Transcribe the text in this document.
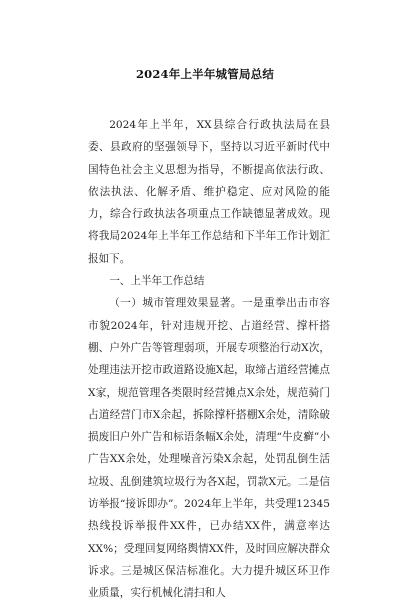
2024年上半年城管局总结

2024年上半年，XX县综合行政执法局在县委、县政府的坚强领导下，坚持以习近平新时代中国特色社会主义思想为指导，不断提高依法行政、依法执法、化解矛盾、维护稳定、应对风险的能力，综合行政执法各项重点工作缺德显著成效。现将我局2024年上半年工作总结和下半年工作计划汇报如下。

一、上半年工作总结

（一）城市管理效果显著。一是重拳出击市容市貌2024年，针对违规开挖、占道经营、撑杆搭棚、户外广告等管理弱项，开展专项整治行动X次，处理违法开挖市政道路设施X起，取缔占道经营摊点X家，规范管理各类限时经营摊点X余处，规范骑门占道经营门市X余起，拆除撑杆搭棚X余处，清除破损废旧户外广告和标语条幅X余处，清理“牛皮癣”小广告XX余处，处理噪音污染X余起，处罚乱倒生活垃圾、乱倒建筑垃圾行为各X起，罚款X元。二是信访举报“接诉即办”。2024年上半年，共受理12345热线投诉举报件XX件，已办结XX件，满意率达XX%；受理回复网络舆情XX件，及时回应解决群众诉求。三是城区保洁标准化。大力提升城区环卫作业质量，实行机械化清扫和人
